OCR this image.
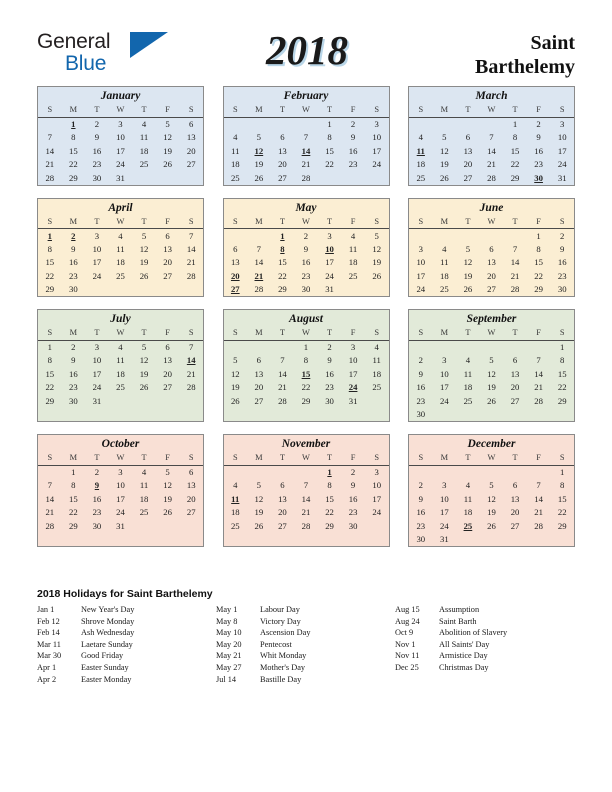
General
Blue	2018	Saint
Barthelemy
January
S	M	T	W	T	F	S
	1	2	3	4	5	6
7	8	9	10	11	12	13
14	15	16	17	18	19	20
21	22	23	24	25	26	27
28	29	30	31			
February
S	M	T	W	T	F	S
				1	2	3
4	5	6	7	8	9	10
11	12	13	14	15	16	17
18	19	20	21	22	23	24
25	26	27	28			
March
S	M	T	W	T	F	S
				1	2	3
4	5	6	7	8	9	10
11	12	13	14	15	16	17
18	19	20	21	22	23	24
25	26	27	28	29	30	31
April
S	M	T	W	T	F	S
1	2	3	4	5	6	7
8	9	10	11	12	13	14
15	16	17	18	19	20	21
22	23	24	25	26	27	28
29	30					
May
S	M	T	W	T	F	S
		1	2	3	4	5
6	7	8	9	10	11	12
13	14	15	16	17	18	19
20	21	22	23	24	25	26
27	28	29	30	31		
June
S	M	T	W	T	F	S
					1	2
3	4	5	6	7	8	9
10	11	12	13	14	15	16
17	18	19	20	21	22	23
24	25	26	27	28	29	30
July
S	M	T	W	T	F	S
1	2	3	4	5	6	7
8	9	10	11	12	13	14
15	16	17	18	19	20	21
22	23	24	25	26	27	28
29	30	31				
August
S	M	T	W	T	F	S
			1	2	3	4
5	6	7	8	9	10	11
12	13	14	15	16	17	18
19	20	21	22	23	24	25
26	27	28	29	30	31	
September
S	M	T	W	T	F	S
						1
2	3	4	5	6	7	8
9	10	11	12	13	14	15
16	17	18	19	20	21	22
23	24	25	26	27	28	29
30						
October
S	M	T	W	T	F	S
	1	2	3	4	5	6
7	8	9	10	11	12	13
14	15	16	17	18	19	20
21	22	23	24	25	26	27
28	29	30	31			
November
S	M	T	W	T	F	S
				1	2	3
4	5	6	7	8	9	10
11	12	13	14	15	16	17
18	19	20	21	22	23	24
25	26	27	28	29	30	
December
S	M	T	W	T	F	S
						1
2	3	4	5	6	7	8
9	10	11	12	13	14	15
16	17	18	19	20	21	22
23	24	25	26	27	28	29
30	31					
2018 Holidays for Saint Barthelemy
Jan 1	New Year's Day
Feb 12	Shrove Monday
Feb 14	Ash Wednesday
Mar 11	Laetare Sunday
Mar 30	Good Friday
Apr 1	Easter Sunday
Apr 2	Easter Monday
May 1	Labour Day
May 8	Victory Day
May 10	Ascension Day
May 20	Pentecost
May 21	Whit Monday
May 27	Mother's Day
Jul 14	Bastille Day
Aug 15	Assumption
Aug 24	Saint Barth
Oct 9	Abolition of Slavery
Nov 1	All Saints' Day
Nov 11	Armistice Day
Dec 25	Christmas Day
